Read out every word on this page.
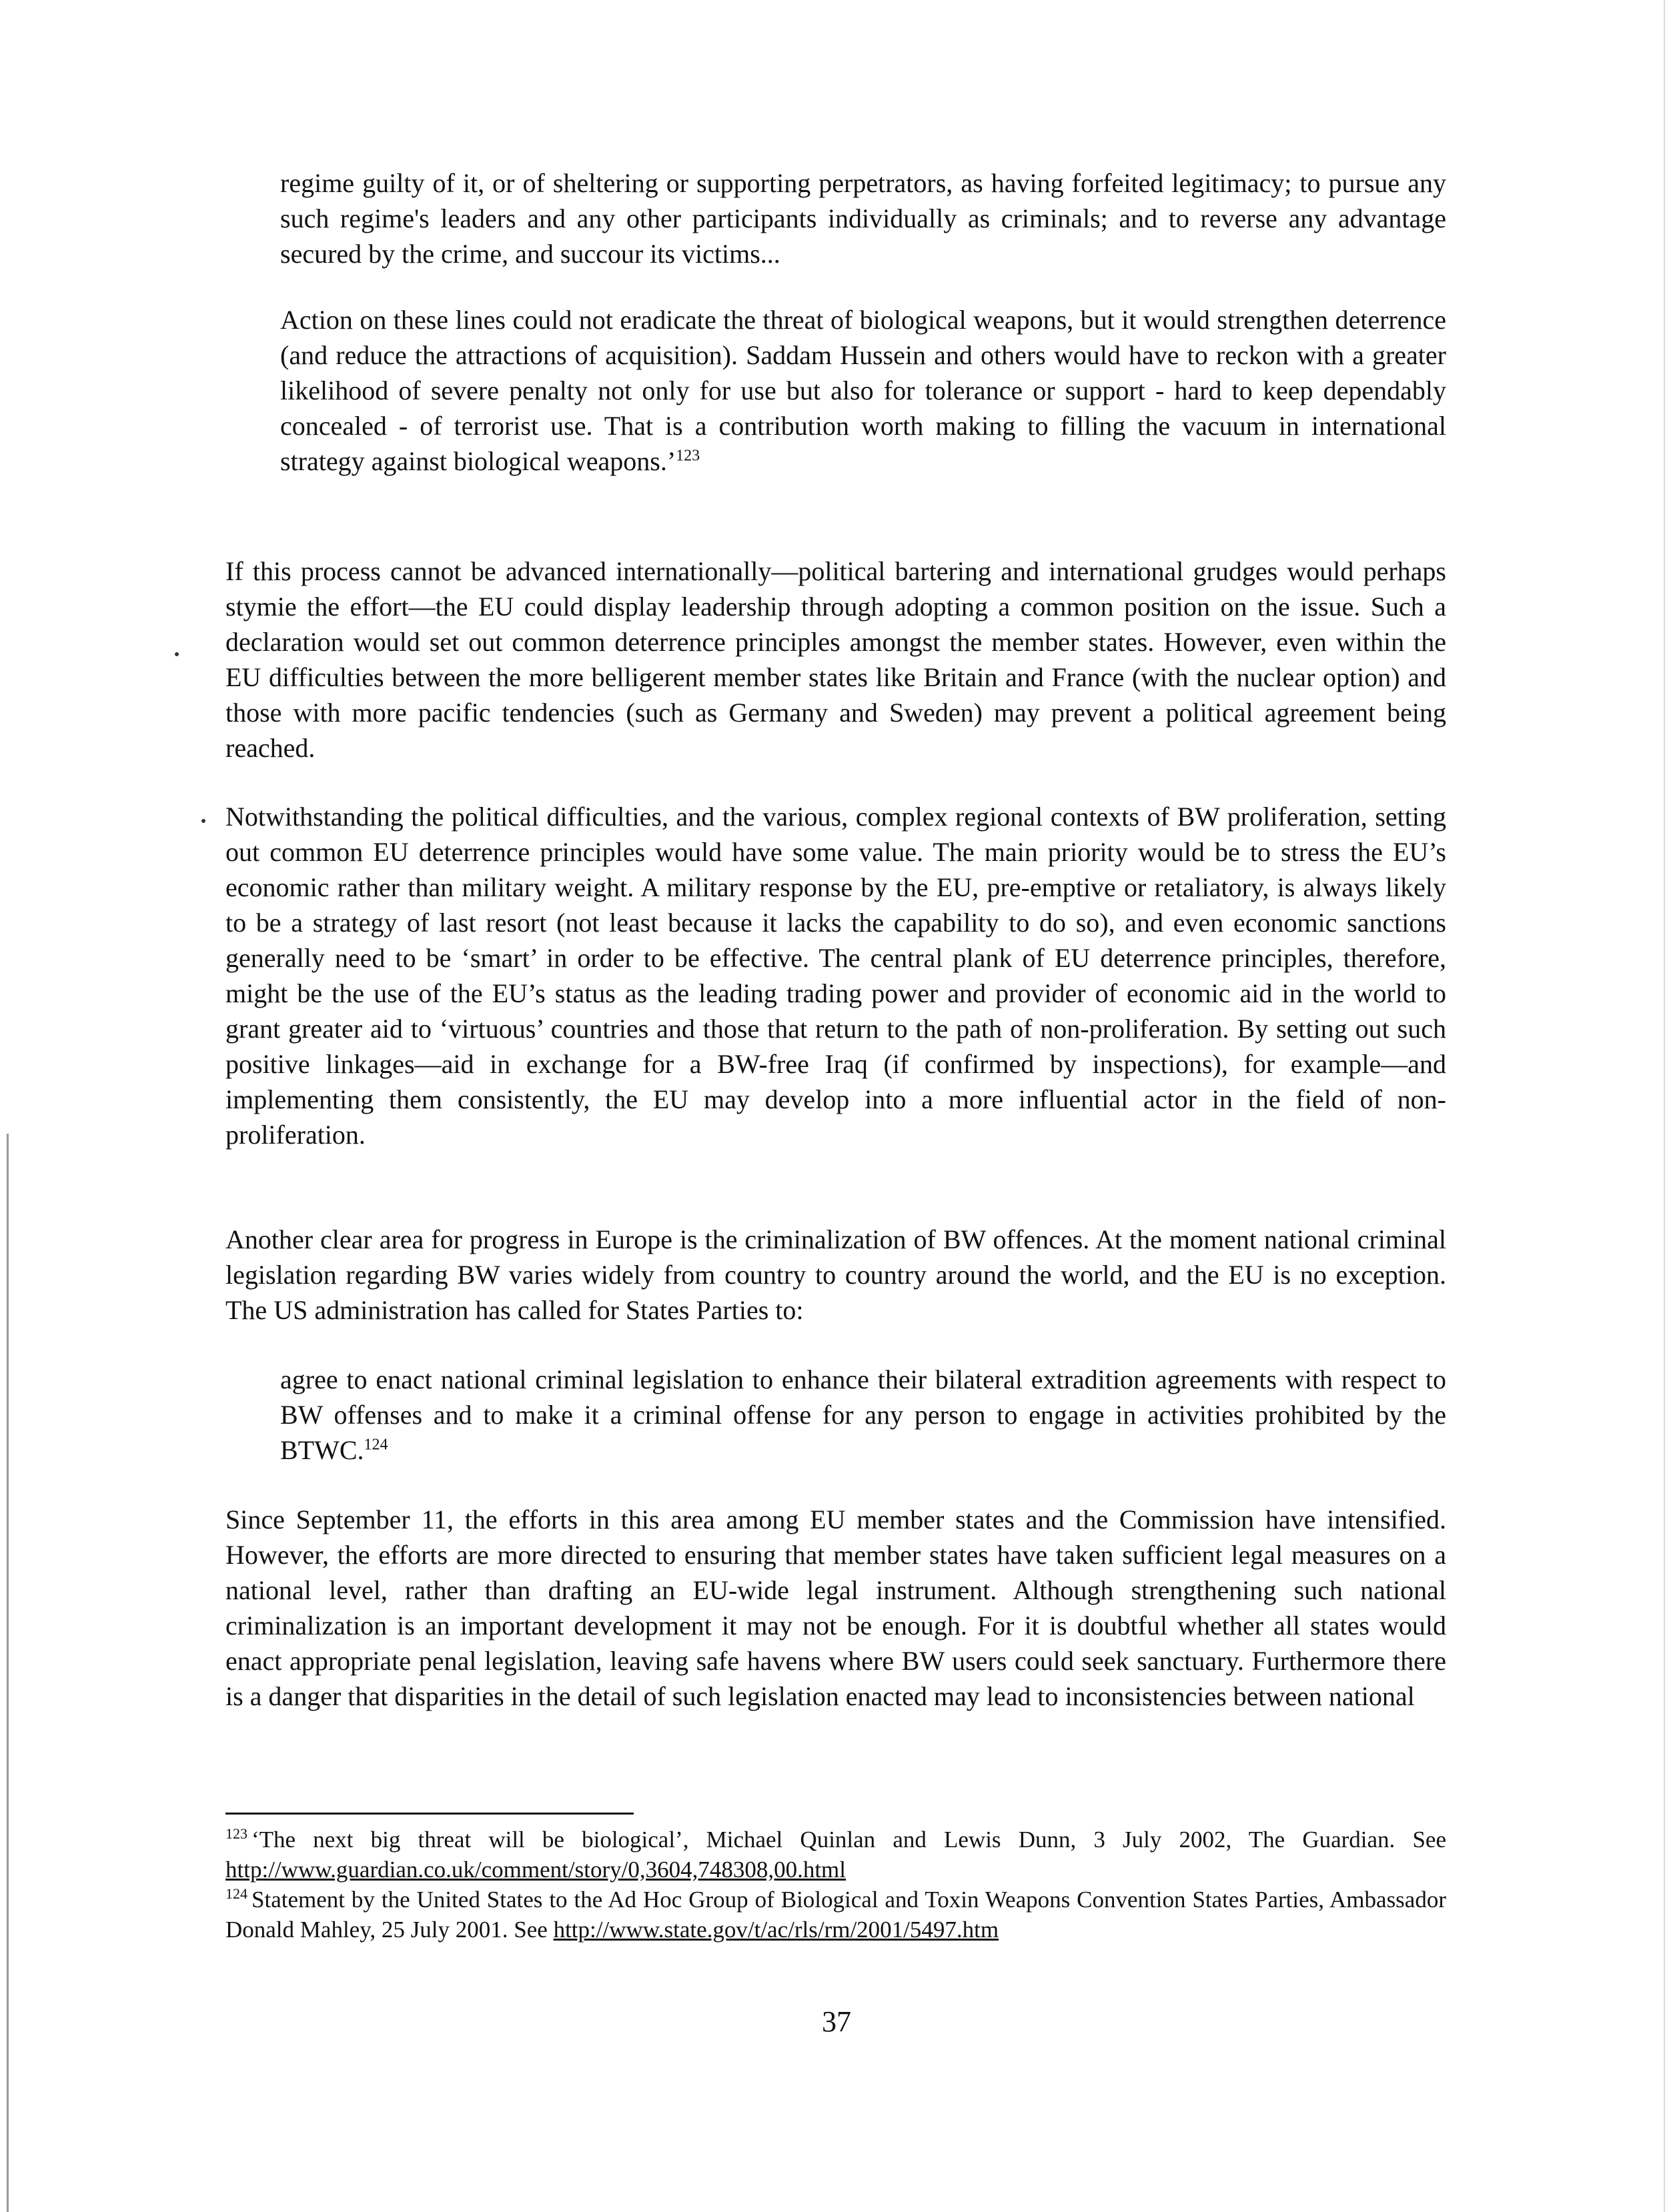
regime guilty of it, or of sheltering or supporting perpetrators, as having forfeited legitimacy; to pursue any such regime's leaders and any other participants individually as criminals; and to reverse any advantage secured by the crime, and succour its victims...

Action on these lines could not eradicate the threat of biological weapons, but it would strengthen deterrence (and reduce the attractions of acquisition). Saddam Hussein and others would have to reckon with a greater likelihood of severe penalty not only for use but also for tolerance or support - hard to keep dependably concealed - of terrorist use. That is a contribution worth making to filling the vacuum in international strategy against biological weapons.’$^{123}$

If this process cannot be advanced internationally—political bartering and international grudges would perhaps stymie the effort—the EU could display leadership through adopting a common position on the issue. Such a declaration would set out common deterrence principles amongst the member states. However, even within the EU difficulties between the more belligerent member states like Britain and France (with the nuclear option) and those with more pacific tendencies (such as Germany and Sweden) may prevent a political agreement being reached.

Notwithstanding the political difficulties, and the various, complex regional contexts of BW proliferation, setting out common EU deterrence principles would have some value. The main priority would be to stress the EU’s economic rather than military weight. A military response by the EU, pre-emptive or retaliatory, is always likely to be a strategy of last resort (not least because it lacks the capability to do so), and even economic sanctions generally need to be ‘smart’ in order to be effective. The central plank of EU deterrence principles, therefore, might be the use of the EU’s status as the leading trading power and provider of economic aid in the world to grant greater aid to ‘virtuous’ countries and those that return to the path of non-proliferation. By setting out such positive linkages—aid in exchange for a BW-free Iraq (if confirmed by inspections), for example—and implementing them consistently, the EU may develop into a more influential actor in the field of non-proliferation.

Another clear area for progress in Europe is the criminalization of BW offences. At the moment national criminal legislation regarding BW varies widely from country to country around the world, and the EU is no exception. The US administration has called for States Parties to:

agree to enact national criminal legislation to enhance their bilateral extradition agreements with respect to BW offenses and to make it a criminal offense for any person to engage in activities prohibited by the BTWC.$^{124}$

Since September 11, the efforts in this area among EU member states and the Commission have intensified. However, the efforts are more directed to ensuring that member states have taken sufficient legal measures on a national level, rather than drafting an EU-wide legal instrument. Although strengthening such national criminalization is an important development it may not be enough. For it is doubtful whether all states would enact appropriate penal legislation, leaving safe havens where BW users could seek sanctuary. Furthermore there is a danger that disparities in the detail of such legislation enacted may lead to inconsistencies between national

$^{123}$ ‘The next big threat will be biological’, Michael Quinlan and Lewis Dunn, 3 July 2002, The Guardian. See http://www.guardian.co.uk/comment/story/0,3604,748308,00.html

$^{124}$ Statement by the United States to the Ad Hoc Group of Biological and Toxin Weapons Convention States Parties, Ambassador Donald Mahley, 25 July 2001. See http://www.state.gov/t/ac/rls/rm/2001/5497.htm

37
